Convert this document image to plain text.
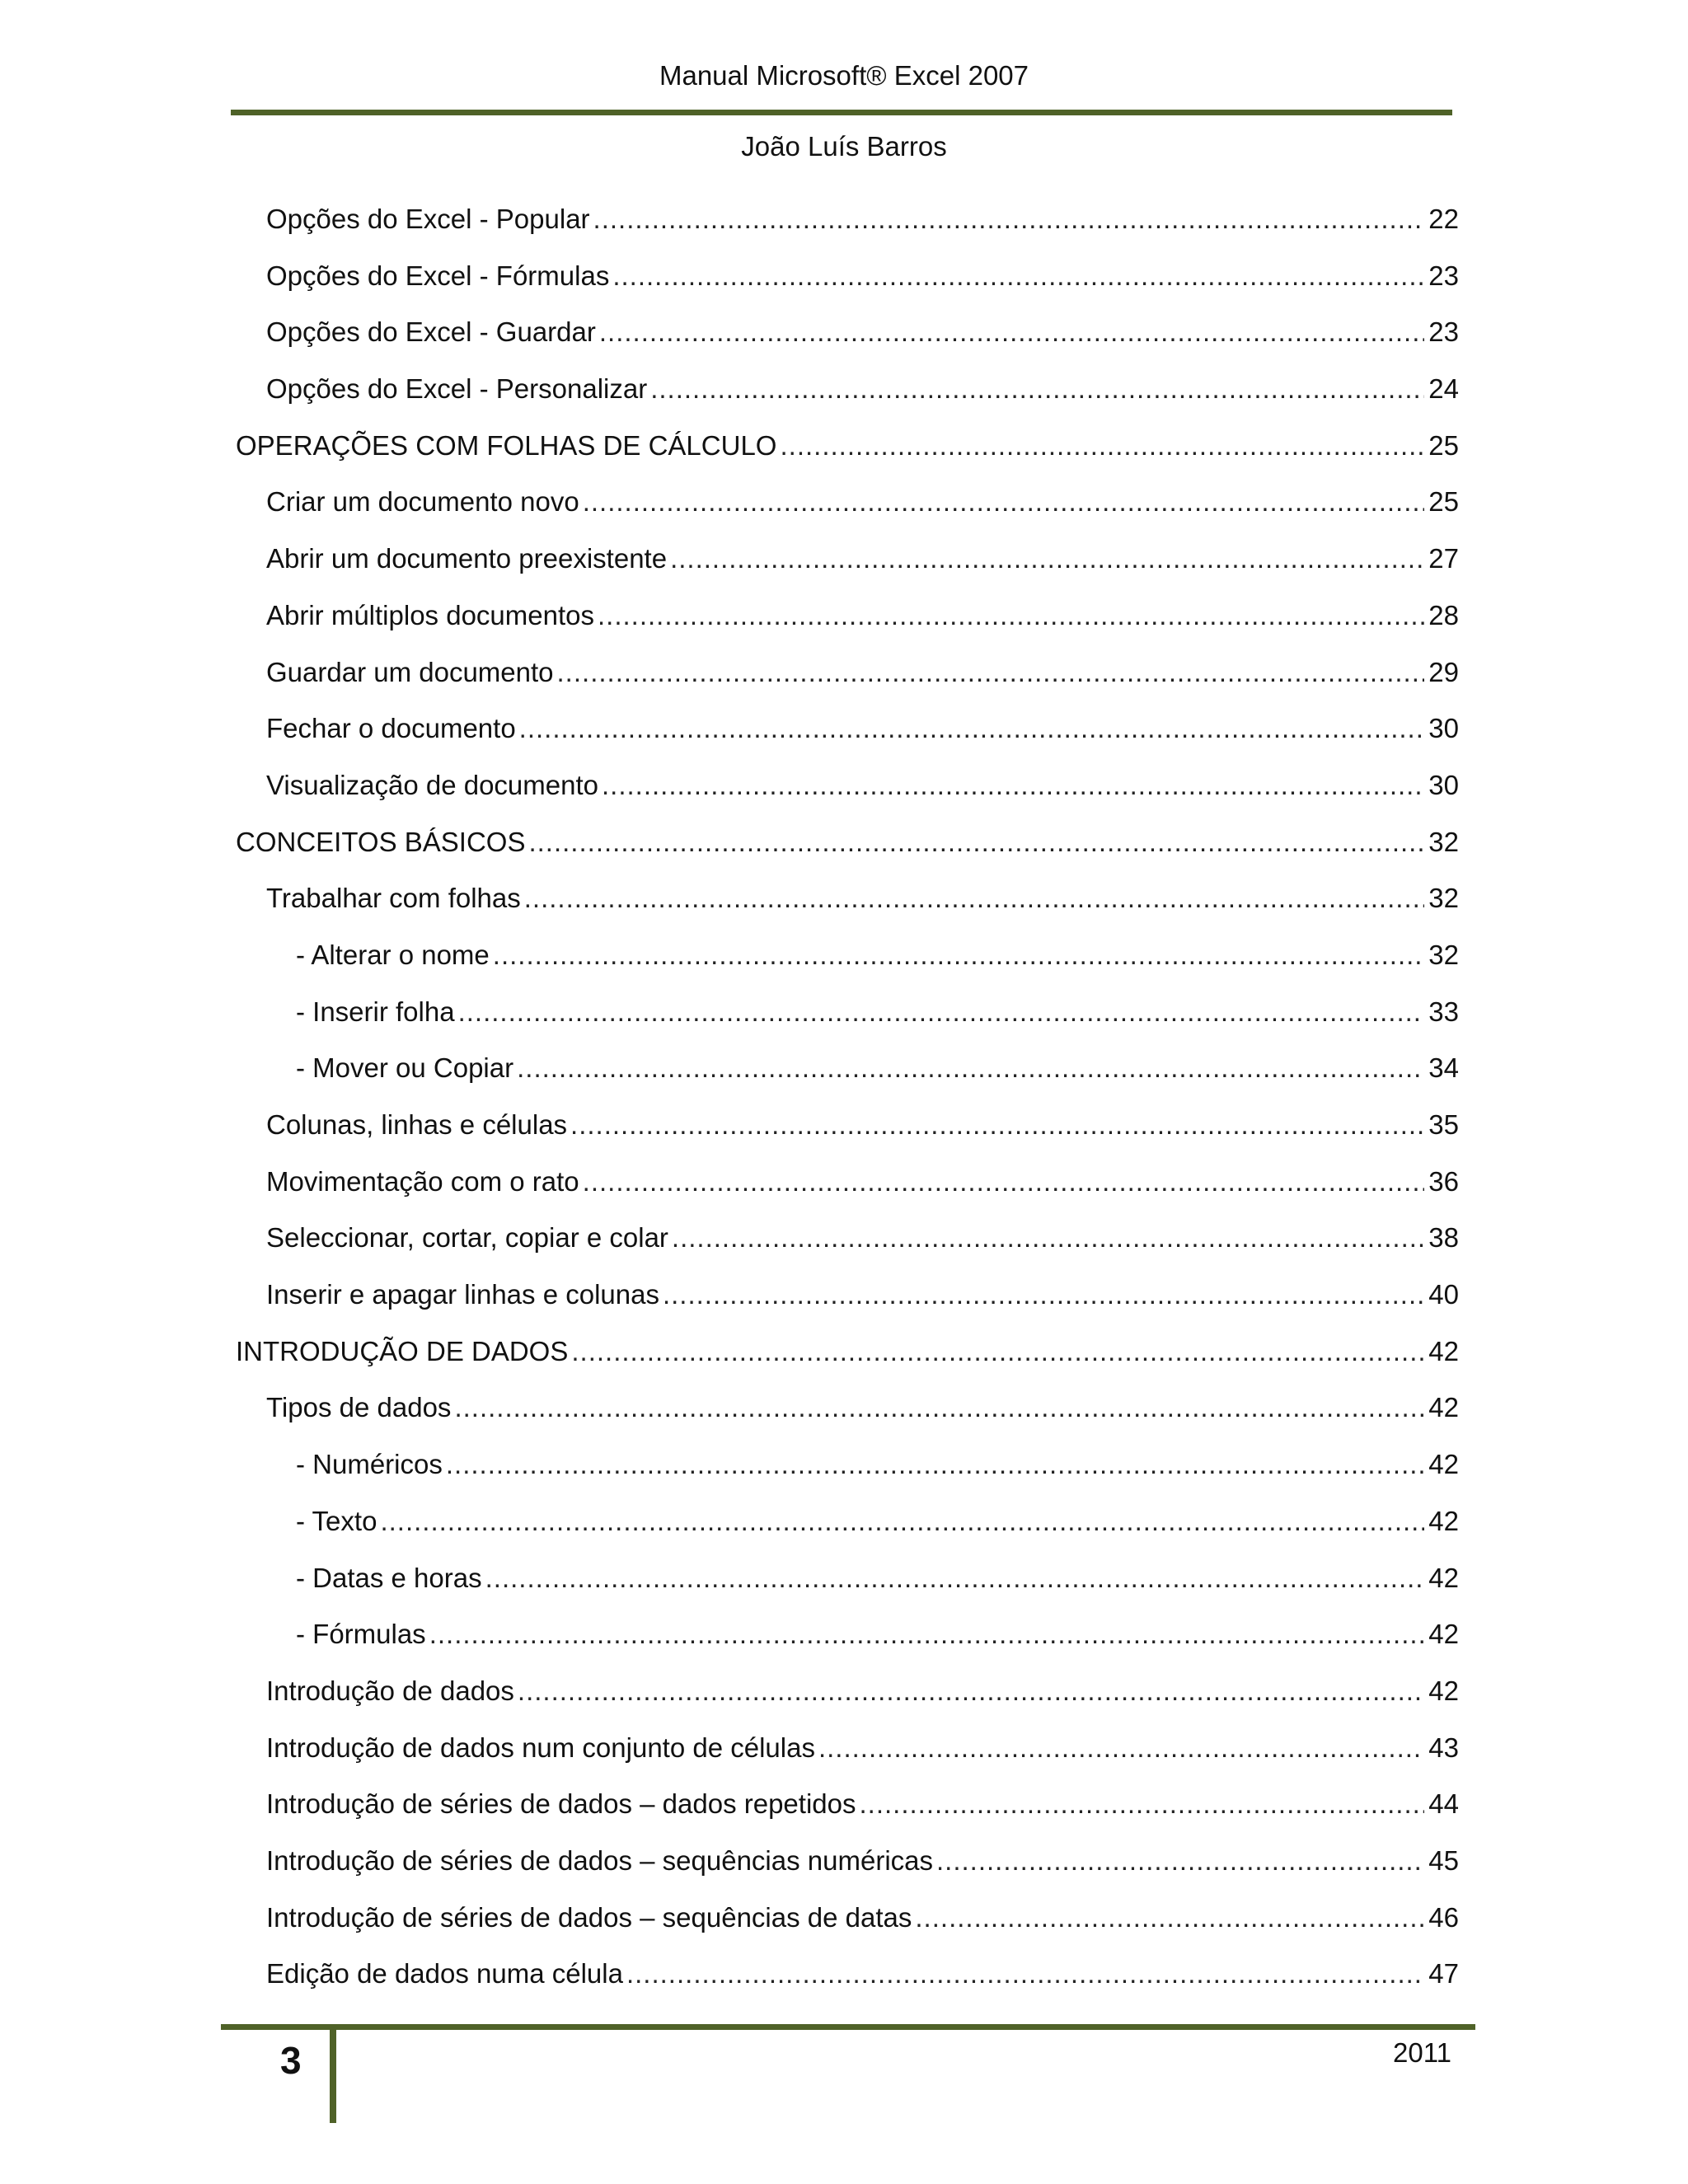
Manual Microsoft® Excel 2007
João Luís Barros
Opções do Excel - Popular .....	22
Opções do Excel - Fórmulas .....	23
Opções do Excel - Guardar .....	23
Opções do Excel - Personalizar .....	24
OPERAÇÕES COM FOLHAS DE CÁLCULO .....	25
Criar um documento novo .....	25
Abrir um documento preexistente .....	27
Abrir múltiplos documentos .....	28
Guardar um documento .....	29
Fechar o documento .....	30
Visualização de documento .....	30
CONCEITOS BÁSICOS .....	32
Trabalhar com folhas .....	32
- Alterar o nome .....	32
- Inserir folha .....	33
- Mover ou Copiar .....	34
Colunas, linhas e células .....	35
Movimentação com o rato .....	36
Seleccionar, cortar, copiar e colar .....	38
Inserir e apagar linhas e colunas .....	40
INTRODUÇÃO DE DADOS .....	42
Tipos de dados .....	42
- Numéricos .....	42
- Texto .....	42
- Datas e horas .....	42
- Fórmulas .....	42
Introdução de dados .....	42
Introdução de dados num conjunto de células .....	43
Introdução de séries de dados – dados repetidos .....	44
Introdução de séries de dados – sequências numéricas .....	45
Introdução de séries de dados – sequências de datas .....	46
Edição de dados numa célula .....	47
3	2011
